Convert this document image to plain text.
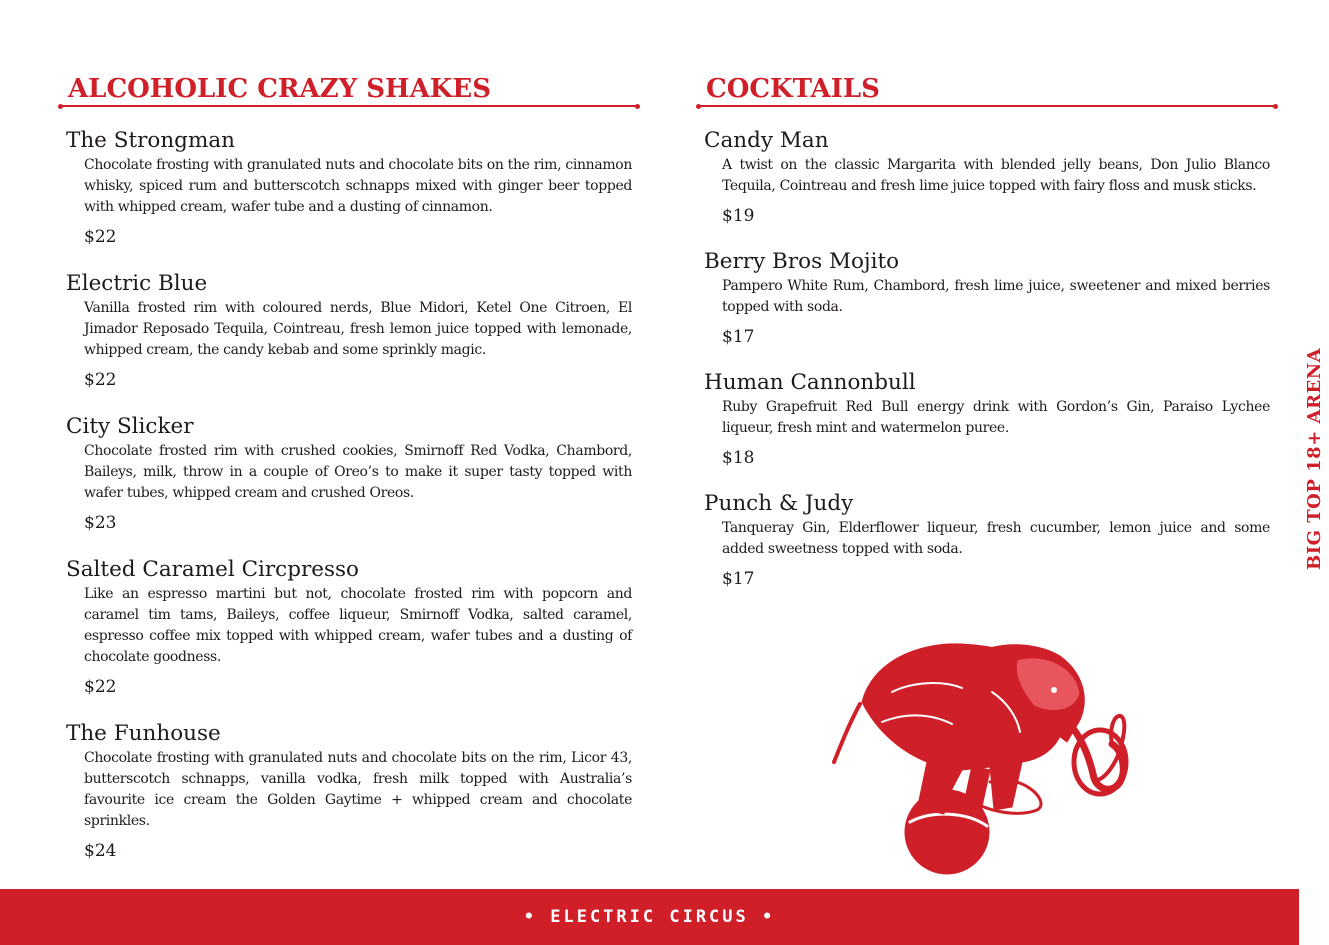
ALCOHOLIC CRAZY SHAKES
The Strongman
Chocolate frosting with granulated nuts and chocolate bits on the rim, cinnamon whisky, spiced rum and butterscotch schnapps mixed with ginger beer topped with whipped cream, wafer tube and a dusting of cinnamon.
$22
Electric Blue
Vanilla frosted rim with coloured nerds, Blue Midori, Ketel One Citroen, El Jimador Reposado Tequila, Cointreau, fresh lemon juice topped with lemonade, whipped cream, the candy kebab and some sprinkly magic.
$22
City Slicker
Chocolate frosted rim with crushed cookies, Smirnoff Red Vodka, Chambord, Baileys, milk, throw in a couple of Oreo’s to make it super tasty topped with wafer tubes, whipped cream and crushed Oreos.
$23
Salted Caramel Circpresso
Like an espresso martini but not, chocolate frosted rim with popcorn and caramel tim tams, Baileys, coffee liqueur, Smirnoff Vodka, salted caramel, espresso coffee mix topped with whipped cream, wafer tubes and a dusting of chocolate goodness.
$22
The Funhouse
Chocolate frosting with granulated nuts and chocolate bits on the rim, Licor 43, butterscotch schnapps, vanilla vodka, fresh milk topped with Australia’s favourite ice cream the Golden Gaytime + whipped cream and chocolate sprinkles.
$24
COCKTAILS
Candy Man
A twist on the classic Margarita with blended jelly beans, Don Julio Blanco Tequila, Cointreau and fresh lime juice topped with fairy floss and musk sticks.
$19
Berry Bros Mojito
Pampero White Rum, Chambord, fresh lime juice, sweetener and mixed berries topped with soda.
$17
Human Cannonbull
Ruby Grapefruit Red Bull energy drink with Gordon’s Gin, Paraiso Lychee liqueur, fresh mint and watermelon puree.
$18
Punch & Judy
Tanqueray Gin, Elderflower liqueur, fresh cucumber, lemon juice and some added sweetness topped with soda.
$17
BIG TOP 18+ ARENA
• ELECTRIC CIRCUS •
